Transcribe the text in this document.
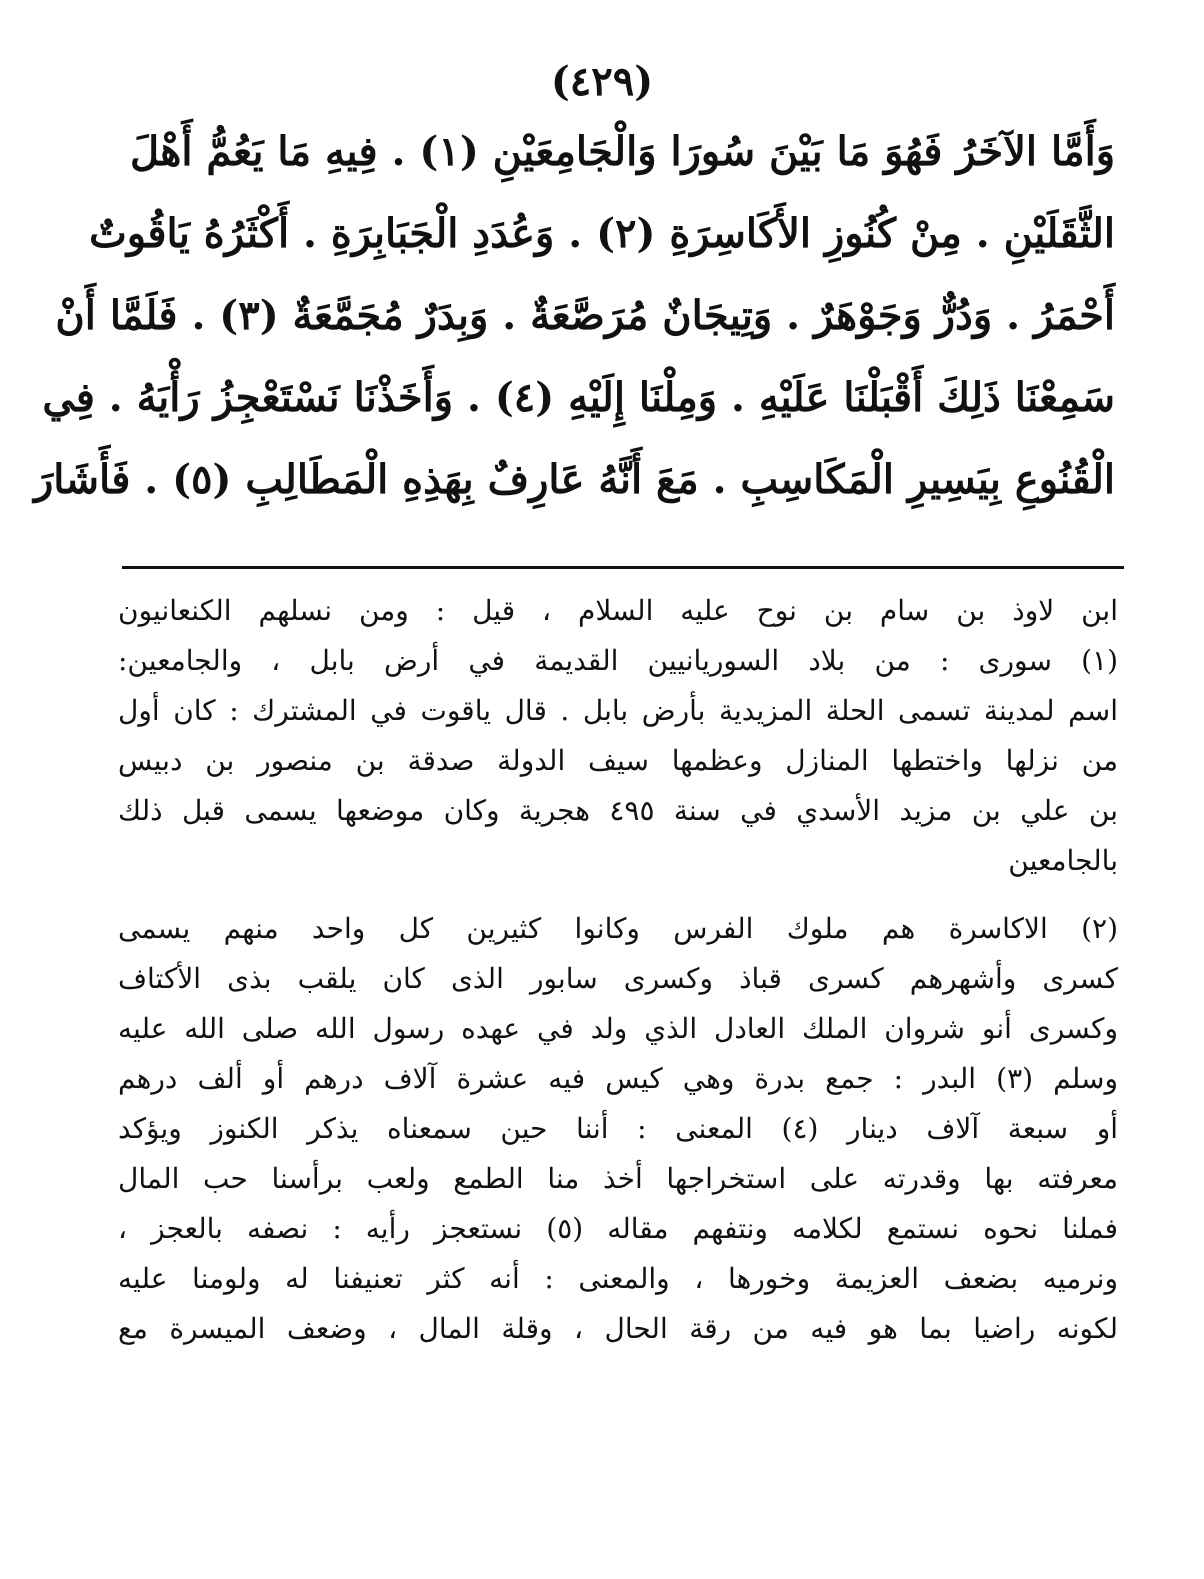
(٤٢٩)
وَأَمَّا الآخَرُ فَهُوَ مَا بَيْنَ سُورَا وَالْجَامِعَيْنِ (١) . فِيهِ مَا يَعُمُّ أَهْلَ
الثَّقَلَيْنِ . مِنْ كُنُوزِ الأَكَاسِرَةِ (٢) . وَعُدَدِ الْجَبَابِرَةِ . أَكْثَرُهُ يَاقُوتٌ
أَحْمَرُ . وَدُرٌّ وَجَوْهَرٌ . وَتِيجَانٌ مُرَصَّعَةٌ . وَبِدَرٌ مُجَمَّعَةٌ (٣) . فَلَمَّا أَنْ
سَمِعْنَا ذَلِكَ أَقْبَلْنَا عَلَيْهِ . وَمِلْنَا إِلَيْهِ (٤) . وَأَخَذْنَا نَسْتَعْجِزُ رَأْيَهُ . فِي
الْقُنُوعِ بِيَسِيرِ الْمَكَاسِبِ . مَعَ أَنَّهُ عَارِفٌ بِهَذِهِ الْمَطَالِبِ (٥) . فَأَشَارَ
ابن لاوذ بن سام بن نوح عليه السلام ، قيل : ومن نسلهم الكنعانيون
(١) سورى : من بلاد السوريانيين القديمة في أرض بابل ، والجامعين:
اسم لمدينة تسمى الحلة المزيدية بأرض بابل . قال ياقوت في المشترك : كان أول
من نزلها واختطها المنازل وعظمها سيف الدولة صدقة بن منصور بن دبيس
بن علي بن مزيد الأسدي في سنة ٤٩٥ هجرية وكان موضعها يسمى قبل ذلك
بالجامعين
(٢) الاكاسرة هم ملوك الفرس وكانوا كثيرين كل واحد منهم يسمى
كسرى وأشهرهم كسرى قباذ وكسرى سابور الذى كان يلقب بذى الأكتاف
وكسرى أنو شروان الملك العادل الذي ولد في عهده رسول الله صلى الله عليه
وسلم (٣) البدر : جمع بدرة وهي كيس فيه عشرة آلاف درهم أو ألف درهم
أو سبعة آلاف دينار (٤) المعنى : أننا حين سمعناه يذكر الكنوز ويؤكد
معرفته بها وقدرته على استخراجها أخذ منا الطمع ولعب برأسنا حب المال
فملنا نحوه نستمع لكلامه ونتفهم مقاله (٥) نستعجز رأيه : نصفه بالعجز ،
ونرميه بضعف العزيمة وخورها ، والمعنى : أنه كثر تعنيفنا له ولومنا عليه
لكونه راضيا بما هو فيه من رقة الحال ، وقلة المال ، وضعف الميسرة مع
